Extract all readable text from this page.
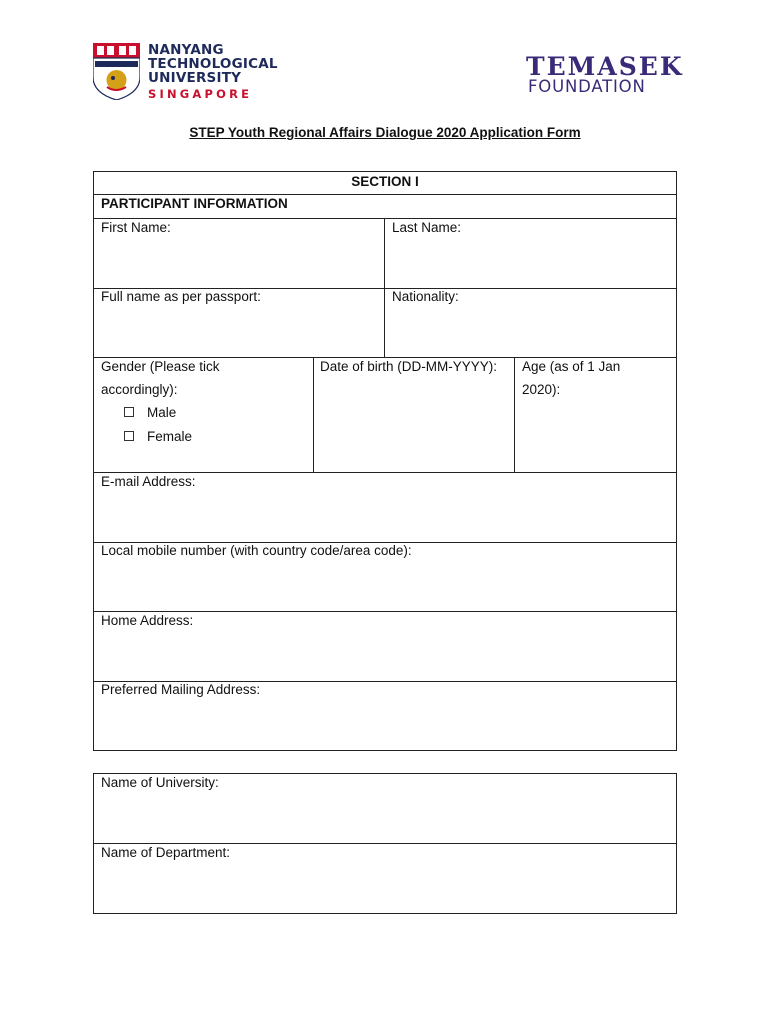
NANYANG
TECHNOLOGICAL
UNIVERSITY
SINGAPORE
TEMASEK
FOUNDATION
STEP Youth Regional Affairs Dialogue 2020 Application Form
SECTION I
PARTICIPANT INFORMATION
First Name:	Last Name:
Full name as per passport:	Nationality:
Gender (Please tick
accordingly):
Male
Female
Date of birth (DD-MM-YYYY): Age (as of 1 Jan
2020):
E-mail Address:
Local mobile number (with country code/area code):
Home Address:
Preferred Mailing Address:
Name of University:
Name of Department:
